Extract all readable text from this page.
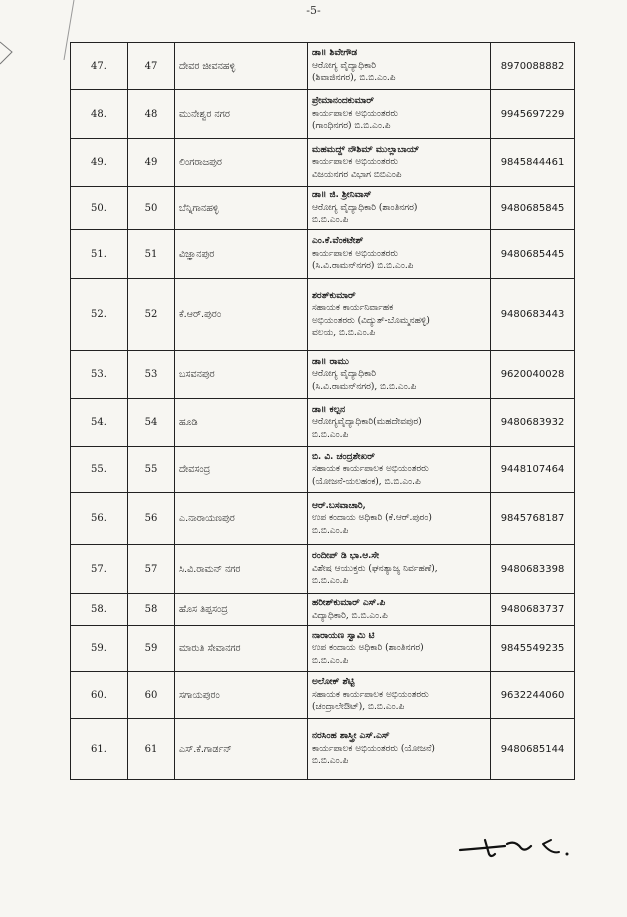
-5-
47.	47	ದೇವರ ಜೀವನಹಳ್ಳಿ	ಡಾ॥ ಶಿವೇಗೌಡ
ಆರೋಗ್ಯ ವೈದ್ಯಾಧಿಕಾರಿ
(ಶಿವಾಜಿನಗರ), ಬಿ.ಬಿ.ಎಂ.ಪಿ	8970088882
48.	48	ಮುನೇಶ್ವರ ನಗರ	ಪ್ರೇಮಾನಂದಕುಮಾರ್
ಕಾರ್ಯಪಾಲಕ ಅಭಿಯಂತರರು
(ಗಾಂಧಿನಗರ) ಬಿ.ಬಿ.ಎಂ.ಪಿ	9945697229
49.	49	ಲಿಂಗರಾಜಪುರ	ಮಹಮದ್ದ್ ನೌಶಿಮ್ ಮುಲ್ಲಾಬಾಯ್
ಕಾರ್ಯಪಾಲಕ ಅಭಿಯಂತರರು
ವಿಜಯನಗರ ವಿಭಾಗ ಬಿಬಿಎಂಪಿ	9845844461
50.	50	ಬೆನ್ನಿಗಾನಹಳ್ಳಿ	ಡಾ॥ ಜಿ. ಶ್ರೀನಿವಾಸ್
ಆರೋಗ್ಯ ವೈದ್ಯಾಧಿಕಾರಿ (ಶಾಂತಿನಗರ)
ಬಿ.ಬಿ.ಎಂ.ಪಿ	9480685845
51.	51	ವಿಜ್ಞಾನಪುರ	ಎಂ.ಕೆ.ವೆಂಕಟೇಶ್
ಕಾರ್ಯಪಾಲಕ ಅಭಿಯಂತರರು
(ಸಿ.ವಿ.ರಾಮನ್‌ನಗರ) ಬಿ.ಬಿ.ಎಂ.ಪಿ	9480685445
52.	52	ಕೆ.ಆರ್.ಪುರಂ	ಶರತ್‌ಕುಮಾರ್
ಸಹಾಯಕ ಕಾರ್ಯನಿರ್ವಾಹಕ
ಅಭಿಯಂತರರು (ವಿದ್ಯುತ್-ಬೊಮ್ಮನಹಳ್ಳಿ)
ವಲಯ, ಬಿ.ಬಿ.ಎಂ.ಪಿ	9480683443
53.	53	ಬಸವನಪುರ	ಡಾ॥ ರಾಮು
ಆರೋಗ್ಯ ವೈದ್ಯಾಧಿಕಾರಿ
(ಸಿ.ವಿ.ರಾಮನ್‌ನಗರ), ಬಿ.ಬಿ.ಎಂ.ಪಿ	9620040028
54.	54	ಹೂಡಿ	ಡಾ॥ ಕಲ್ಪನ
ಆರೋಗ್ಯವೈದ್ಯಾಧಿಕಾರಿ(ಮಹದೇವಪುರ)
ಬಿ.ಬಿ.ಎಂ.ಪಿ	9480683932
55.	55	ದೇವಸಂದ್ರ	ಬಿ. ವಿ. ಚಂದ್ರಶೇಖರ್
ಸಹಾಯಕ ಕಾರ್ಯಪಾಲಕ ಅಭಿಯಂತರರು
(ಯೋಜನೆ-ಯಲಹಂಕ), ಬಿ.ಬಿ.ಎಂ.ಪಿ	9448107464
56.	56	ಎ.ನಾರಾಯಣಪುರ	ಆರ್.ಬಸವಾಚಾರಿ,
ಉಪ ಕಂದಾಯ ಅಧಿಕಾರಿ (ಕೆ.ಆರ್.ಪುರಂ)
ಬಿ.ಬಿ.ಎಂ.ಪಿ	9845768187
57.	57	ಸಿ.ವಿ.ರಾಮನ್ ನಗರ	ರಂದೀಪ್ ಡಿ ಭಾ.ಆ.ಸೇ
ವಿಶೇಷ ಆಯುಕ್ತರು (ಘನತ್ಯಾಜ್ಯ ನಿರ್ವಹಣೆ),
ಬಿ.ಬಿ.ಎಂ.ಪಿ	9480683398
58.	58	ಹೊಸ ತಿಪ್ಪಸಂದ್ರ	ಹರೀಶ್‌ಕುಮಾರ್ ಎಸ್.ಪಿ
ವಿದ್ಯಾಧಿಕಾರಿ, ಬಿ.ಬಿ.ಎಂ.ಪಿ	9480683737
59.	59	ಮಾರುತಿ ಸೇವಾನಗರ	ನಾರಾಯಣ ಸ್ವಾಮಿ ಟಿ
ಉಪ ಕಂದಾಯ ಅಧಿಕಾರಿ (ಶಾಂತಿನಗರ)
ಬಿ.ಬಿ.ಎಂ.ಪಿ	9845549235
60.	60	ಸಗಾಯಪುರಂ	ಅಲೋಕ್ ಶೆಟ್ಟಿ
ಸಹಾಯಕ ಕಾರ್ಯಪಾಲಕ ಅಭಿಯಂತರರು
(ಚಂದ್ರಾಲೇಔಟ್), ಬಿ.ಬಿ.ಎಂ.ಪಿ	9632244060
61.	61	ಎಸ್.ಕೆ.ಗಾರ್ಡನ್	ನರಸಿಂಹ ಶಾಸ್ತ್ರೀ ಎಸ್.ಎಸ್
ಕಾರ್ಯಪಾಲಕ ಅಭಿಯಂತರರು (ಯೋಜನೆ)
ಬಿ.ಬಿ.ಎಂ.ಪಿ	9480685144
